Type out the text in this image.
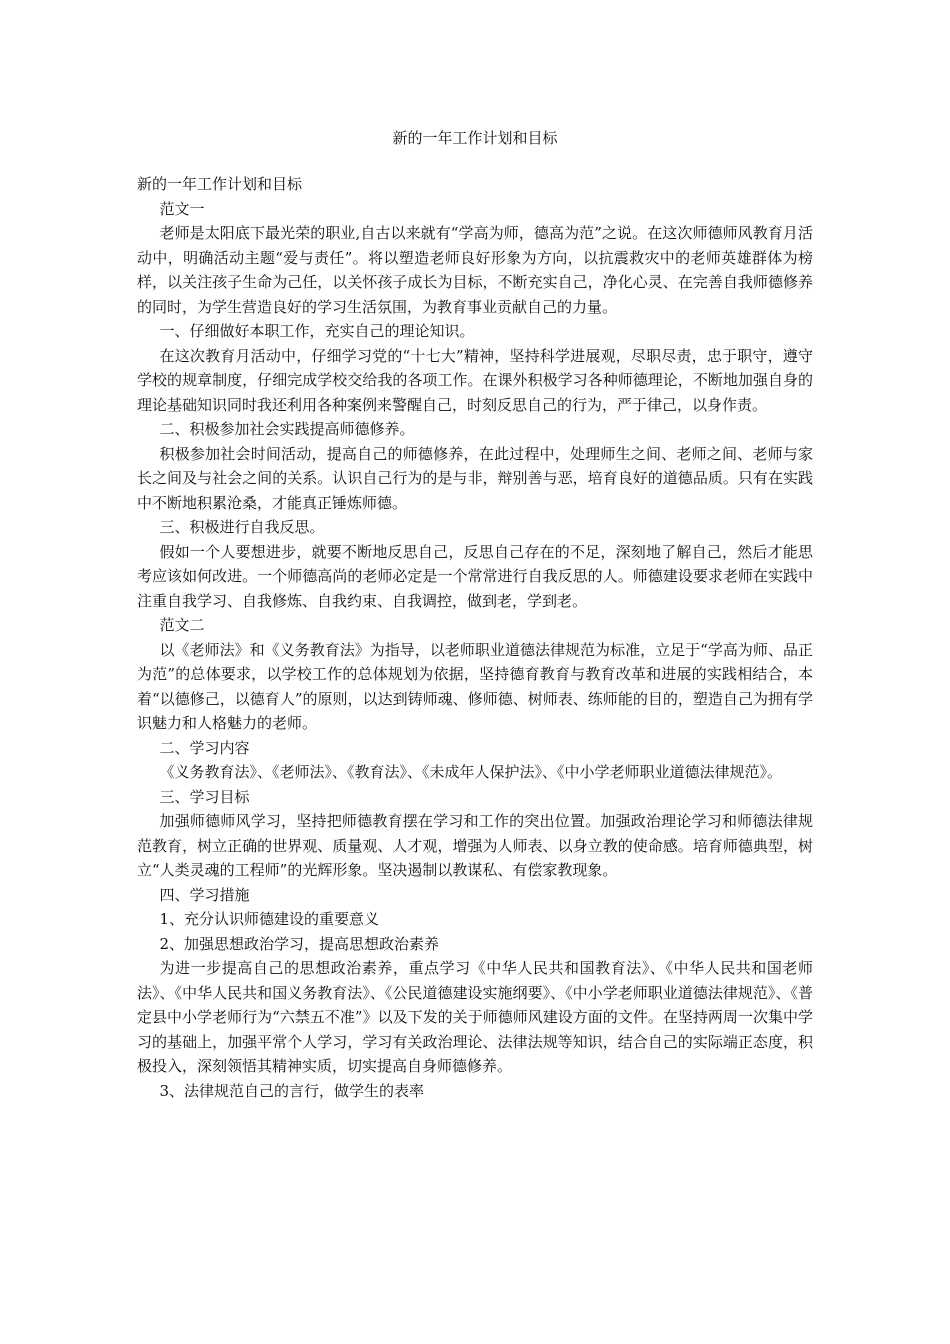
新的一年工作计划和目标

新的一年工作计划和目标

范文一

老师是太阳底下最光荣的职业,自古以来就有“学高为师，德高为范”之说。在这次师德师风教育月活动中，明确活动主题“爱与责任”。将以塑造老师良好形象为方向，以抗震救灾中的老师英雄群体为榜样，以关注孩子生命为己任，以关怀孩子成长为目标，不断充实自己，净化心灵、在完善自我师德修养的同时，为学生营造良好的学习生活氛围，为教育事业贡献自己的力量。

一、仔细做好本职工作，充实自己的理论知识。

在这次教育月活动中，仔细学习党的“十七大”精神，坚持科学进展观，尽职尽责，忠于职守，遵守学校的规章制度，仔细完成学校交给我的各项工作。在课外积极学习各种师德理论，不断地加强自身的理论基础知识同时我还利用各种案例来警醒自己，时刻反思自己的行为，严于律己，以身作责。

二、积极参加社会实践提高师德修养。

积极参加社会时间活动，提高自己的师德修养，在此过程中，处理师生之间、老师之间、老师与家长之间及与社会之间的关系。认识自己行为的是与非，辩别善与恶，培育良好的道德品质。只有在实践中不断地积累沧桑，才能真正锤炼师德。

三、积极进行自我反思。

假如一个人要想进步，就要不断地反思自己，反思自己存在的不足，深刻地了解自己，然后才能思考应该如何改进。一个师德高尚的老师必定是一个常常进行自我反思的人。师德建设要求老师在实践中注重自我学习、自我修炼、自我约束、自我调控，做到老，学到老。

范文二

以《老师法》和《义务教育法》为指导，以老师职业道德法律规范为标准，立足于“学高为师、品正为范”的总体要求，以学校工作的总体规划为依据，坚持德育教育与教育改革和进展的实践相结合，本着“以德修己，以德育人”的原则，以达到铸师魂、修师德、树师表、练师能的目的，塑造自己为拥有学识魅力和人格魅力的老师。

二、学习内容

《义务教育法》、《老师法》、《教育法》、《未成年人保护法》、《中小学老师职业道德法律规范》。

三、学习目标

加强师德师风学习，坚持把师德教育摆在学习和工作的突出位置。加强政治理论学习和师德法律规范教育，树立正确的世界观、质量观、人才观，增强为人师表、以身立教的使命感。培育师德典型，树立“人类灵魂的工程师”的光辉形象。坚决遏制以教谋私、有偿家教现象。

四、学习措施

1、充分认识师德建设的重要意义

2、加强思想政治学习，提高思想政治素养

为进一步提高自己的思想政治素养，重点学习《中华人民共和国教育法》、《中华人民共和国老师法》、《中华人民共和国义务教育法》、《公民道德建设实施纲要》、《中小学老师职业道德法律规范》、《普定县中小学老师行为“六禁五不准”》以及下发的关于师德师风建设方面的文件。在坚持两周一次集中学习的基础上，加强平常个人学习，学习有关政治理论、法律法规等知识，结合自己的实际端正态度，积极投入，深刻领悟其精神实质，切实提高自身师德修养。

3、法律规范自己的言行，做学生的表率
